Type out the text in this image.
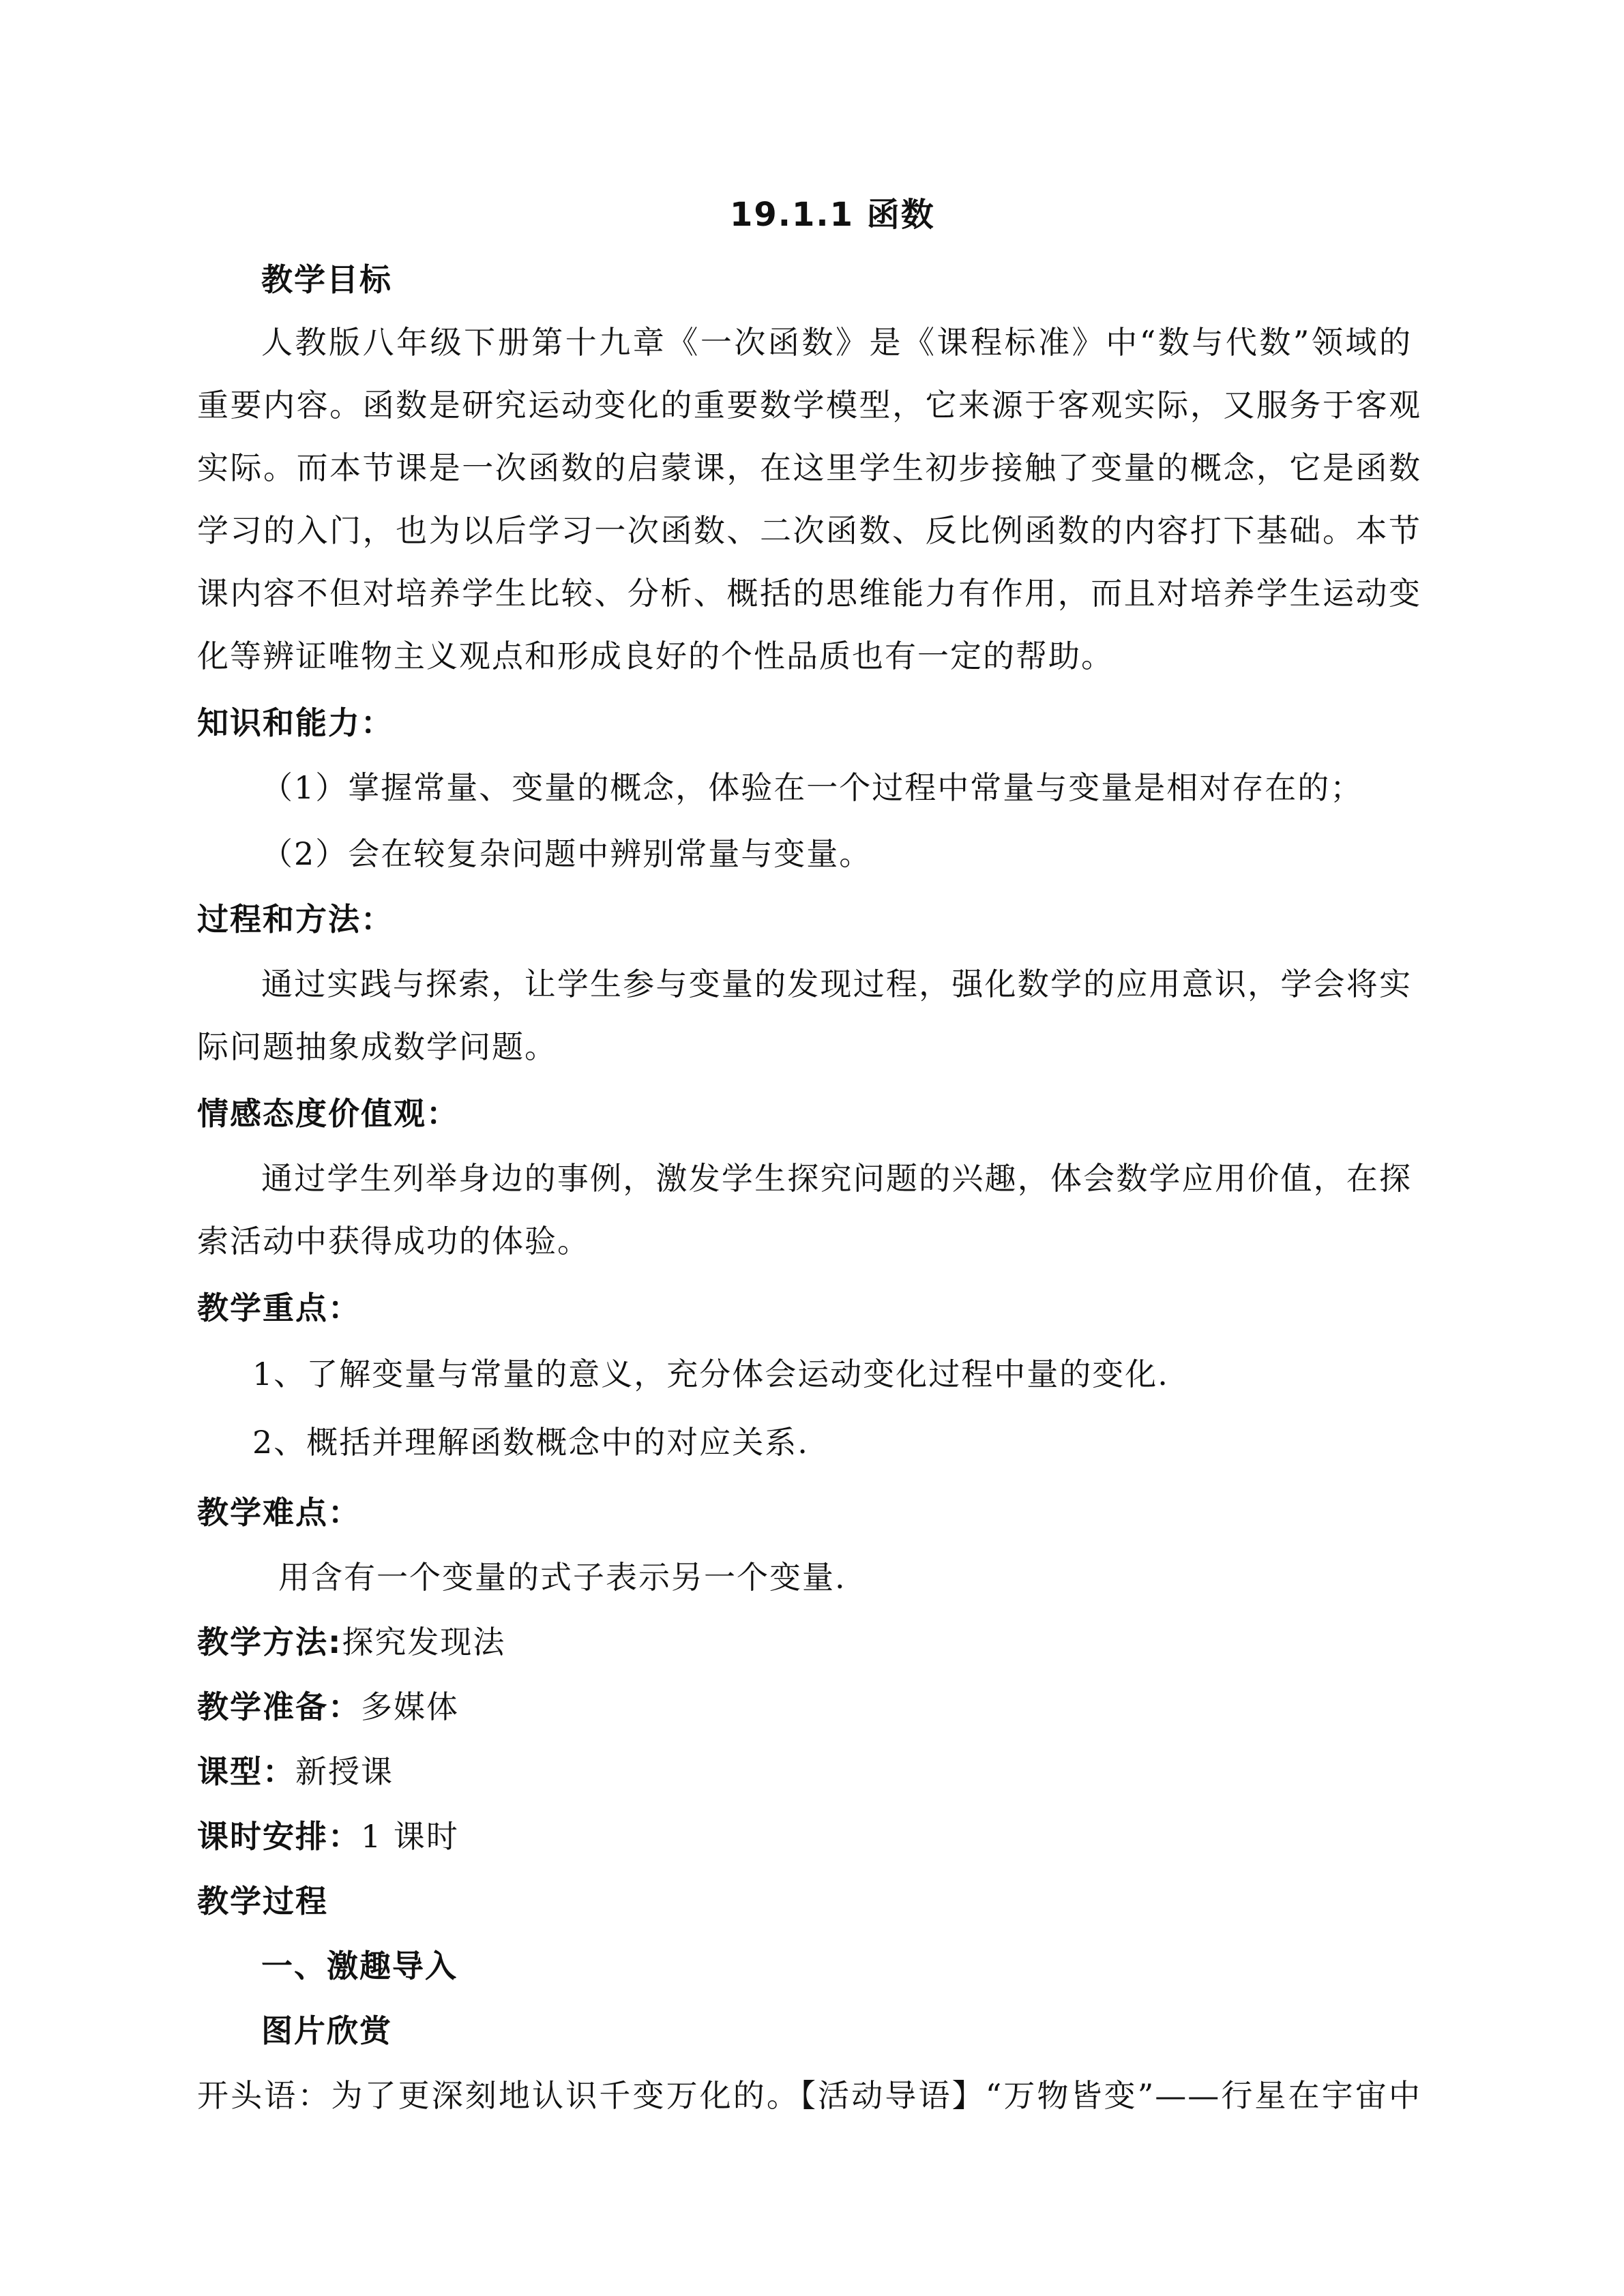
19.1.1 函数
教学目标
人教版八年级下册第十九章《一次函数》是《课程标准》中“数与代数”领域的
重要内容。函数是研究运动变化的重要数学模型，它来源于客观实际，又服务于客观
实际。而本节课是一次函数的启蒙课，在这里学生初步接触了变量的概念，它是函数
学习的入门，也为以后学习一次函数、二次函数、反比例函数的内容打下基础。本节
课内容不但对培养学生比较、分析、概括的思维能力有作用，而且对培养学生运动变
化等辨证唯物主义观点和形成良好的个性品质也有一定的帮助。
知识和能力：
（1）掌握常量、变量的概念，体验在一个过程中常量与变量是相对存在的；
（2）会在较复杂问题中辨别常量与变量。
过程和方法：
通过实践与探索，让学生参与变量的发现过程，强化数学的应用意识，学会将实
际问题抽象成数学问题。
情感态度价值观：
通过学生列举身边的事例，激发学生探究问题的兴趣，体会数学应用价值，在探
索活动中获得成功的体验。
教学重点：
1、了解变量与常量的意义，充分体会运动变化过程中量的变化.
2、概括并理解函数概念中的对应关系.
教学难点：
用含有一个变量的式子表示另一个变量.
教学方法:探究发现法
教学准备：多媒体
课型：新授课
课时安排：1 课时
教学过程
一、激趣导入
图片欣赏
开头语：为了更深刻地认识千变万化的。【活动导语】“万物皆变”——行星在宇宙中
